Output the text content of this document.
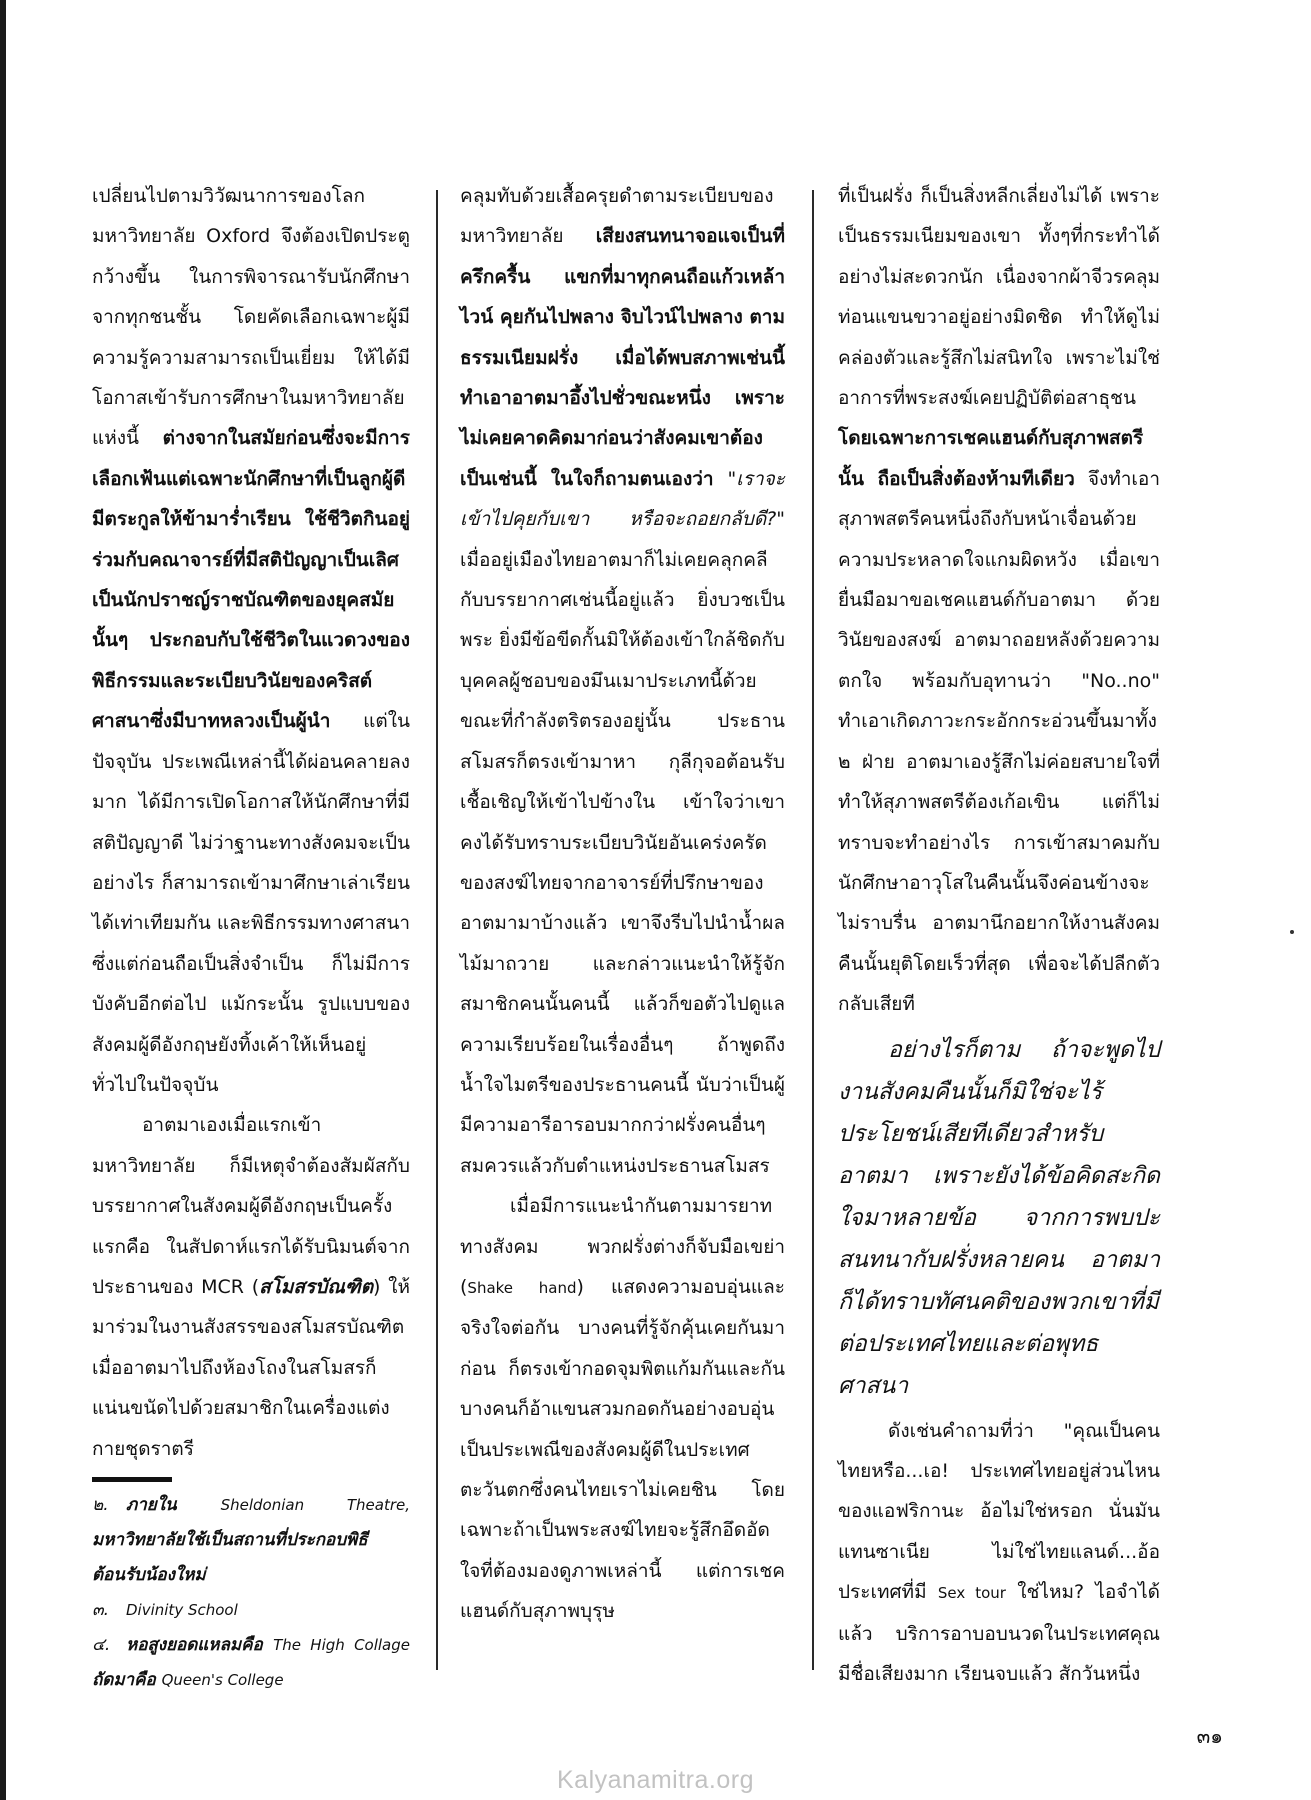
เปลี่ยนไปตามวิวัฒนาการของโลก มหาวิทยาลัย Oxford จึงต้องเปิดประตูกว้างขึ้น ในการพิจารณารับนักศึกษาจากทุกชนชั้น โดยคัดเลือกเฉพาะผู้มีความรู้ความสามารถเป็นเยี่ยม ให้ได้มีโอกาสเข้ารับการศึกษาในมหาวิทยาลัยแห่งนี้ ต่างจากในสมัยก่อนซึ่งจะมีการเลือกเฟ้นแต่เฉพาะนักศึกษาที่เป็นลูกผู้ดีมีตระกูลให้ข้ามาร่ำเรียน ใช้ชีวิตกินอยู่ร่วมกับคณาจารย์ที่มีสติปัญญาเป็นเลิศเป็นนักปราชญ์ราชบัณฑิตของยุคสมัยนั้นๆ ประกอบกับใช้ชีวิตในแวดวงของพิธีกรรมและระเบียบวินัยของคริสต์ศาสนาซึ่งมีบาทหลวงเป็นผู้นำ แต่ในปัจจุบัน ประเพณีเหล่านี้ได้ผ่อนคลายลงมาก ได้มีการเปิดโอกาสให้นักศึกษาที่มีสติปัญญาดี ไม่ว่าฐานะทางสังคมจะเป็นอย่างไร ก็สามารถเข้ามาศึกษาเล่าเรียนได้เท่าเทียมกัน และพิธีกรรมทางศาสนาซึ่งแต่ก่อนถือเป็นสิ่งจำเป็น ก็ไม่มีการบังคับอีกต่อไป แม้กระนั้น รูปแบบของสังคมผู้ดีอังกฤษยังทิ้งเค้าให้เห็นอยู่ทั่วไปในปัจจุบัน

อาตมาเองเมื่อแรกเข้ามหาวิทยาลัย ก็มีเหตุจำต้องสัมผัสกับบรรยากาศในสังคมผู้ดีอังกฤษเป็นครั้งแรกคือ ในสัปดาห์แรกได้รับนิมนต์จากประธานของ MCR (สโมสรบัณฑิต) ให้มาร่วมในงานสังสรรของสโมสรบัณฑิต เมื่ออาตมาไปถึงห้องโถงในสโมสรก็แน่นขนัดไปด้วยสมาชิกในเครื่องแต่งกายชุดราตรี

๒. ภายใน Sheldonian Theatre, มหาวิทยาลัยใช้เป็นสถานที่ประกอบพิธีต้อนรับน้องใหม่

๓. Divinity School

๔. หอสูงยอดแหลมคือ The High Collage ถัดมาคือ Queen's College

คลุมทับด้วยเสื้อครุยดำตามระเบียบของมหาวิทยาลัย เสียงสนทนาจอแจเป็นที่ครึกครื้น แขกที่มาทุกคนถือแก้วเหล้าไวน์ คุยกันไปพลาง จิบไวน์ไปพลาง ตามธรรมเนียมฝรั่ง เมื่อได้พบสภาพเช่นนี้ทำเอาอาตมาอึ้งไปชั่วขณะหนึ่ง เพราะไม่เคยคาดคิดมาก่อนว่าสังคมเขาต้องเป็นเช่นนี้ ในใจก็ถามตนเองว่า "เราจะเข้าไปคุยกับเขา หรือจะถอยกลับดี?" เมื่ออยู่เมืองไทยอาตมาก็ไม่เคยคลุกคลีกับบรรยากาศเช่นนี้อยู่แล้ว ยิ่งบวชเป็นพระ ยิ่งมีข้อขีดกั้นมิให้ต้องเข้าใกล้ชิดกับบุคคลผู้ชอบของมึนเมาประเภทนี้ด้วย ขณะที่กำลังตริตรองอยู่นั้น ประธานสโมสรก็ตรงเข้ามาหา กุลีกุจอต้อนรับเชื้อเชิญให้เข้าไปข้างใน เข้าใจว่าเขาคงได้รับทราบระเบียบวินัยอันเคร่งครัดของสงฆ์ไทยจากอาจารย์ที่ปรึกษาของอาตมามาบ้างแล้ว เขาจึงรีบไปนำน้ำผลไม้มาถวาย และกล่าวแนะนำให้รู้จักสมาชิกคนนั้นคนนี้ แล้วก็ขอตัวไปดูแลความเรียบร้อยในเรื่องอื่นๆ ถ้าพูดถึงน้ำใจไมตรีของประธานคนนี้ นับว่าเป็นผู้มีความอารีอารอบมากกว่าฝรั่งคนอื่นๆ สมควรแล้วกับตำแหน่งประธานสโมสร

เมื่อมีการแนะนำกันตามมารยาททางสังคม พวกฝรั่งต่างก็จับมือเขย่า (Shake hand) แสดงความอบอุ่นและจริงใจต่อกัน บางคนที่รู้จักคุ้นเคยกันมาก่อน ก็ตรงเข้ากอดจุมพิตแก้มกันและกัน บางคนก็อ้าแขนสวมกอดกันอย่างอบอุ่น เป็นประเพณีของสังคมผู้ดีในประเทศตะวันตกซึ่งคนไทยเราไม่เคยชิน โดยเฉพาะถ้าเป็นพระสงฆ์ไทยจะรู้สึกอึดอัดใจที่ต้องมองดูภาพเหล่านี้ แต่การเชคแฮนด์กับสุภาพบุรุษ

ที่เป็นฝรั่ง ก็เป็นสิ่งหลีกเลี่ยงไม่ได้ เพราะเป็นธรรมเนียมของเขา ทั้งๆที่กระทำได้อย่างไม่สะดวกนัก เนื่องจากผ้าจีวรคลุมท่อนแขนขวาอยู่อย่างมิดชิด ทำให้ดูไม่คล่องตัวและรู้สึกไม่สนิทใจ เพราะไม่ใช่อาการที่พระสงฆ์เคยปฏิบัติต่อสาธุชน โดยเฉพาะการเชคแฮนด์กับสุภาพสตรีนั้น ถือเป็นสิ่งต้องห้ามทีเดียว จึงทำเอาสุภาพสตรีคนหนึ่งถึงกับหน้าเจื่อนด้วยความประหลาดใจแกมผิดหวัง เมื่อเขายื่นมือมาขอเชคแฮนด์กับอาตมา ด้วยวินัยของสงฆ์ อาตมาถอยหลังด้วยความตกใจ พร้อมกับอุทานว่า "No..no" ทำเอาเกิดภาวะกระอักกระอ่วนขึ้นมาทั้ง ๒ ฝ่าย อาตมาเองรู้สึกไม่ค่อยสบายใจที่ทำให้สุภาพสตรีต้องเก้อเขิน แต่ก็ไม่ทราบจะทำอย่างไร การเข้าสมาคมกับนักศึกษาอาวุโสในคืนนั้นจึงค่อนข้างจะไม่ราบรื่น อาตมานึกอยากให้งานสังคมคืนนั้นยุติโดยเร็วที่สุด เพื่อจะได้ปลีกตัวกลับเสียที

อย่างไรก็ตาม ถ้าจะพูดไป งานสังคมคืนนั้นก็มิใช่จะไร้ประโยชน์เสียทีเดียวสำหรับอาตมา เพราะยังได้ข้อคิดสะกิดใจมาหลายข้อ จากการพบปะสนทนากับฝรั่งหลายคน อาตมาก็ได้ทราบทัศนคติของพวกเขาที่มีต่อประเทศไทยและต่อพุทธศาสนา

ดังเช่นคำถามที่ว่า "คุณเป็นคนไทยหรือ...เอ! ประเทศไทยอยู่ส่วนไหนของแอฟริกานะ อ้อไม่ใช่หรอก นั่นมันแทนซาเนีย ไม่ใช่ไทยแลนด์...อ้อ ประเทศที่มี Sex tour ใช่ไหม? ไอจำได้แล้ว บริการอาบอบนวดในประเทศคุณมีชื่อเสียงมาก เรียนจบแล้ว สักวันหนึ่ง

๓๑
Kalyanamitra.org
